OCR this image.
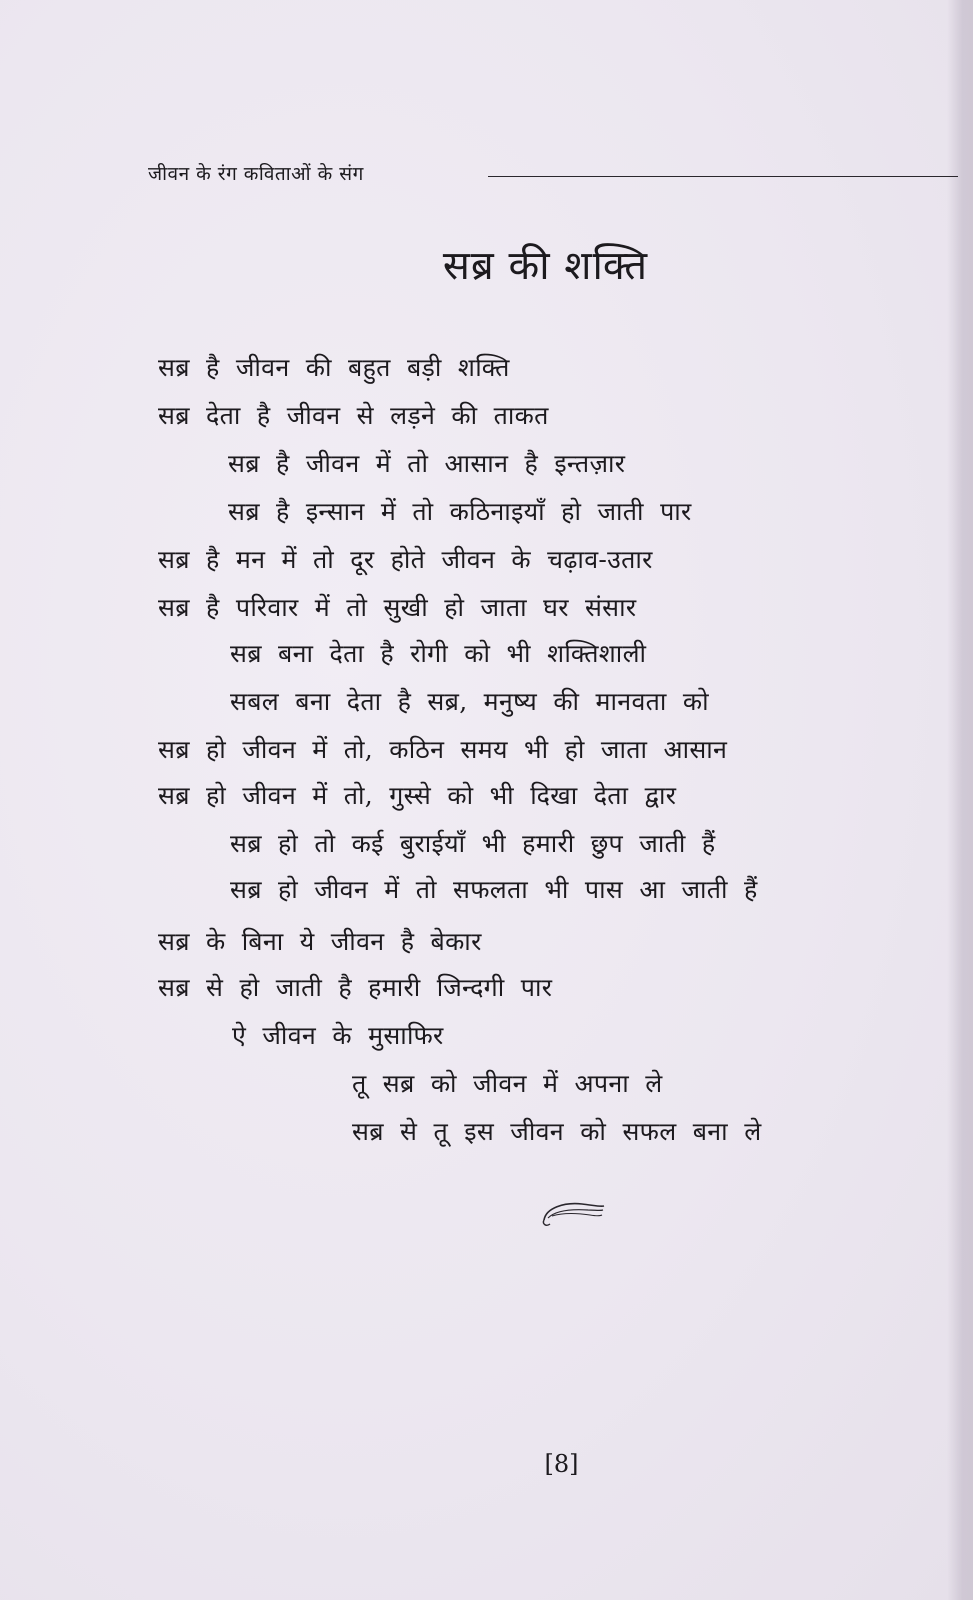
जीवन के रंग कविताओं के संग
सब्र की शक्ति
सब्र है जीवन की बहुत बड़ी शक्ति
सब्र देता है जीवन से लड़ने की ताकत
सब्र है जीवन में तो आसान है इन्तज़ार
सब्र है इन्सान में तो कठिनाइयाँ हो जाती पार
सब्र है मन में तो दूर होते जीवन के चढ़ाव-उतार
सब्र है परिवार में तो सुखी हो जाता घर संसार
सब्र बना देता है रोगी को भी शक्तिशाली
सबल बना देता है सब्र, मनुष्य की मानवता को
सब्र हो जीवन में तो, कठिन समय भी हो जाता आसान
सब्र हो जीवन में तो, गुस्से को भी दिखा देता द्वार
सब्र हो तो कई बुराईयाँ भी हमारी छुप जाती हैं
सब्र हो जीवन में तो सफलता भी पास आ जाती हैं
सब्र के बिना ये जीवन है बेकार
सब्र से हो जाती है हमारी जिन्दगी पार
ऐ जीवन के मुसाफिर
तू सब्र को जीवन में अपना ले
सब्र से तू इस जीवन को सफल बना ले
[8]
